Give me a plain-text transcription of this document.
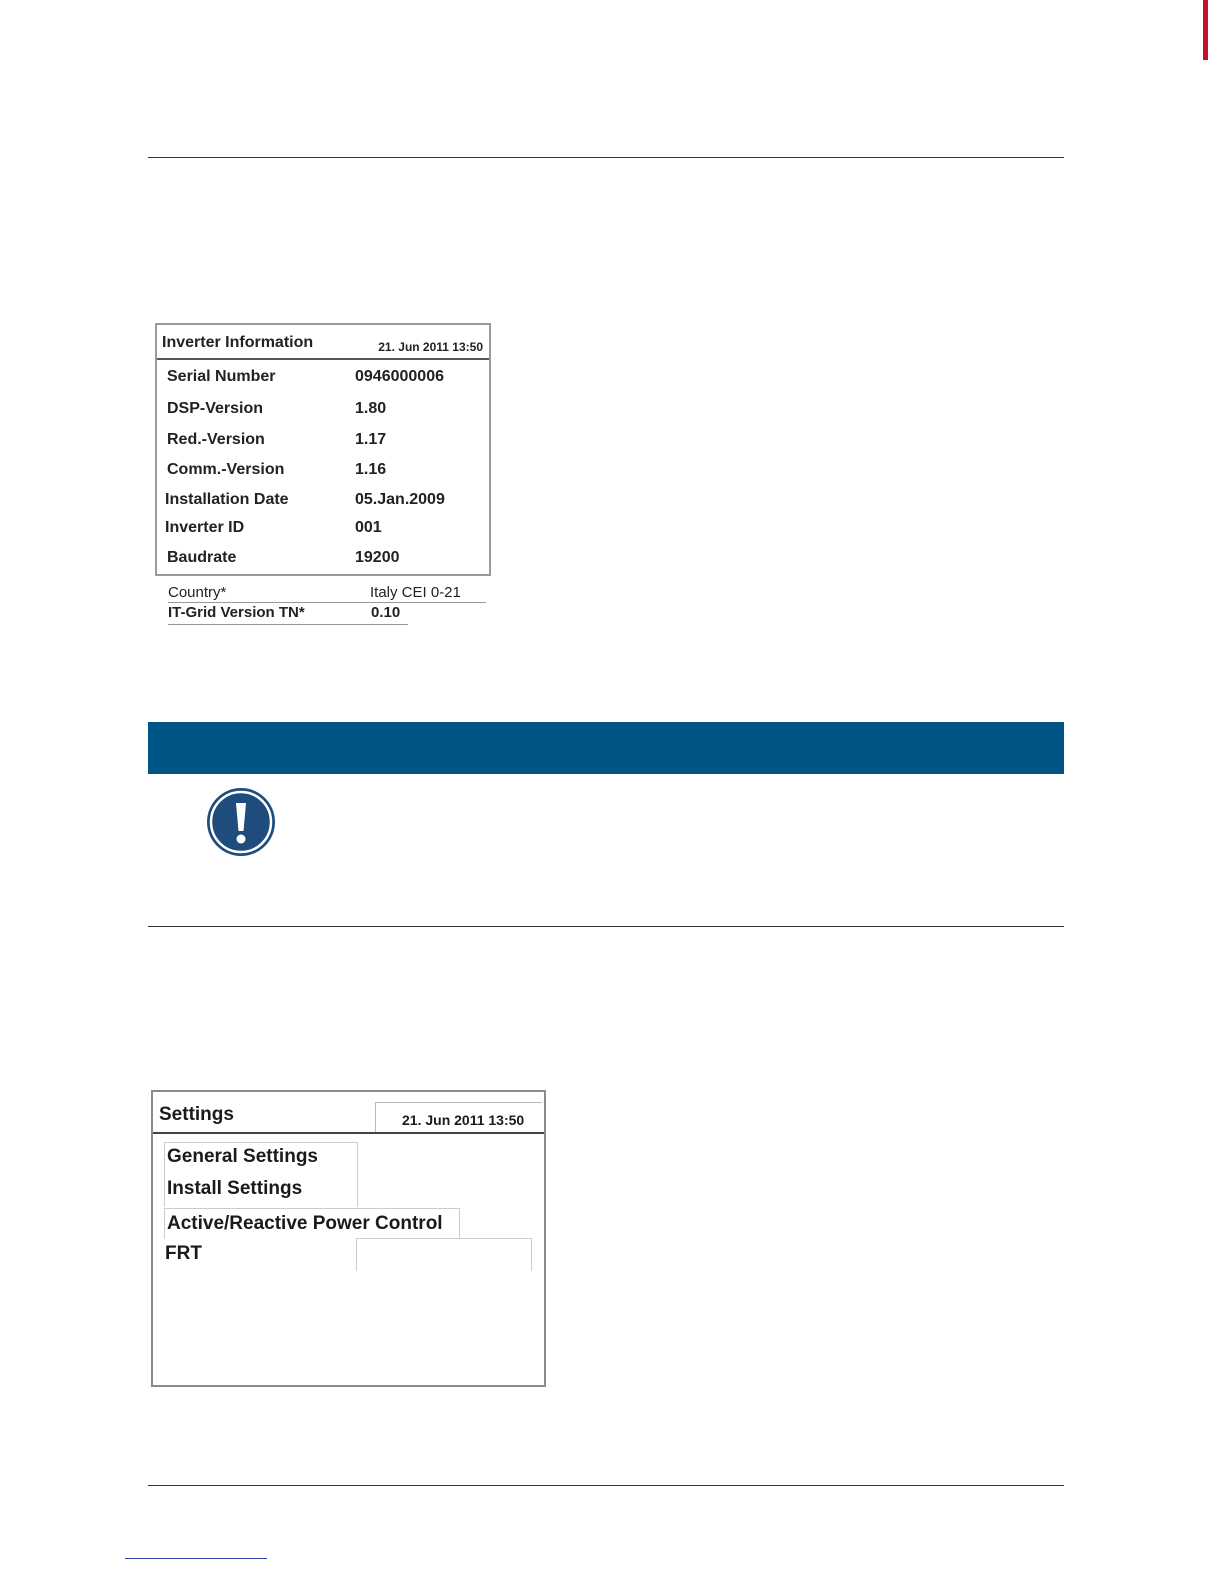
Inverter Information	21. Jun 2011 13:50
Serial Number	0946000006
DSP-Version	1.80
Red.-Version	1.17
Comm.-Version	1.16
Installation Date	05.Jan.2009
Inverter ID	001
Baudrate	19200
Country*	Italy CEI 0-21
IT-Grid Version TN*	0.10
Settings	21. Jun 2011 13:50
General Settings
Install Settings
Active/Reactive Power Control
FRT
